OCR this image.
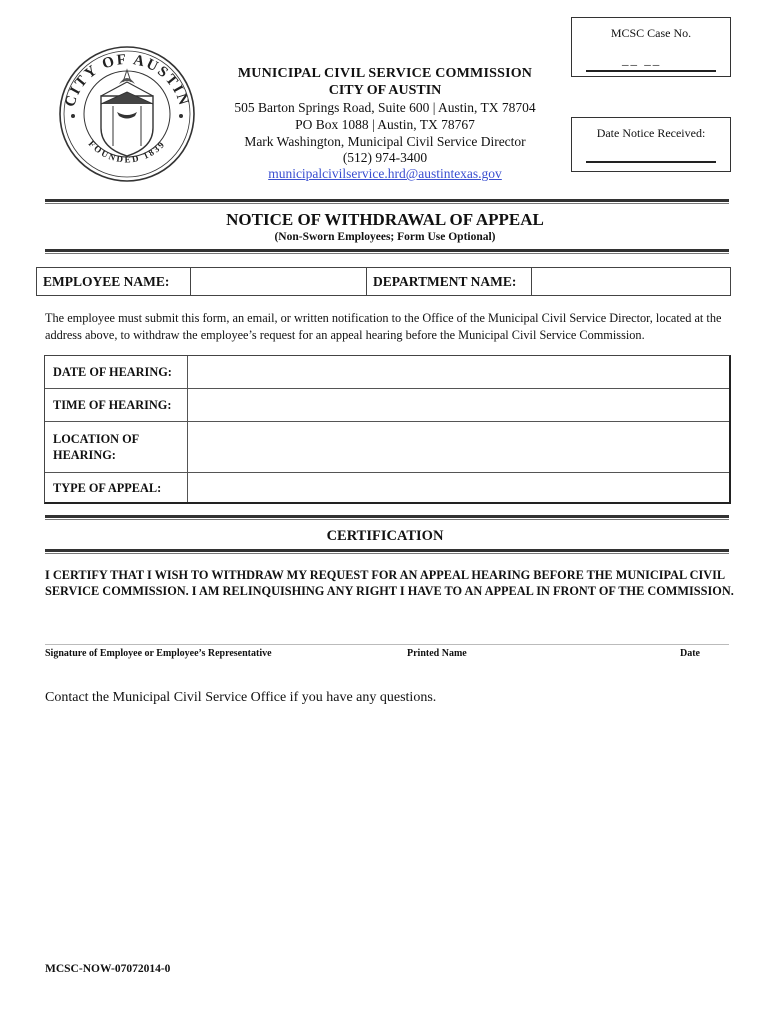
CITY OF AUSTIN
FOUNDED 1839
MUNICIPAL CIVIL SERVICE COMMISSION
CITY OF AUSTIN
505 Barton Springs Road, Suite 600 | Austin, TX 78704
PO Box 1088 | Austin, TX 78767
Mark Washington, Municipal Civil Service Director
(512) 974-3400
municipalcivilservice.hrd@austintexas.gov
MCSC Case No.
__ __
Date Notice Received:
NOTICE OF WITHDRAWAL OF APPEAL
(Non-Sworn Employees; Form Use Optional)
EMPLOYEE NAME:	DEPARTMENT NAME:
The employee must submit this form, an email, or written notification to the Office of the Municipal Civil Service Director, located at the address above, to withdraw the employee’s request for an appeal hearing before the Municipal Civil Service Commission.
DATE OF HEARING:
TIME OF HEARING:
LOCATION OF HEARING:
TYPE OF APPEAL:
CERTIFICATION
I CERTIFY THAT I WISH TO WITHDRAW MY REQUEST FOR AN APPEAL HEARING BEFORE THE MUNICIPAL CIVIL SERVICE COMMISSION. I AM RELINQUISHING ANY RIGHT I HAVE TO AN APPEAL IN FRONT OF THE COMMISSION.
Signature of Employee or Employee’s Representative	Printed Name	Date
Contact the Municipal Civil Service Office if you have any questions.
MCSC-NOW-07072014-0
